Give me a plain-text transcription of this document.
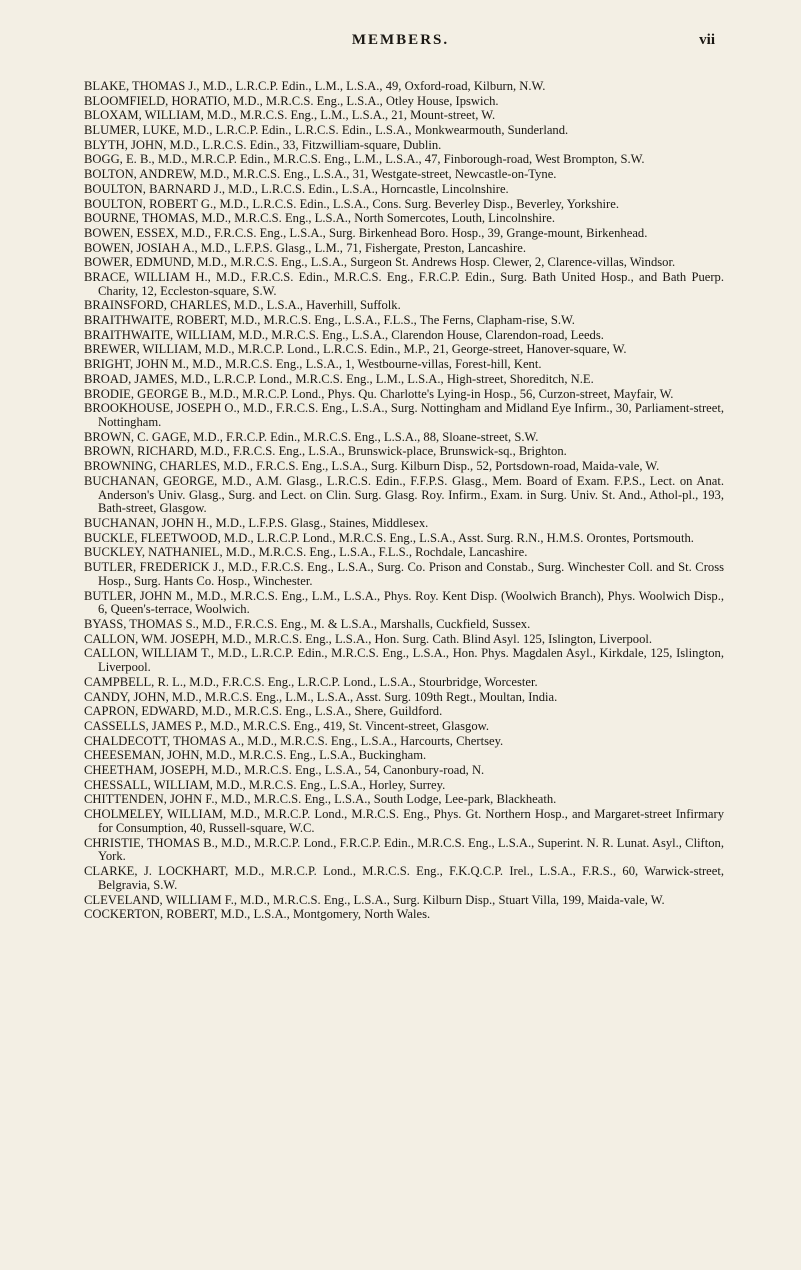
MEMBERS.	vii

BLAKE, THOMAS J., M.D., L.R.C.P. Edin., L.M., L.S.A., 49, Oxford-road, Kilburn, N.W.

BLOOMFIELD, HORATIO, M.D., M.R.C.S. Eng., L.S.A., Otley House, Ipswich.

BLOXAM, WILLIAM, M.D., M.R.C.S. Eng., L.M., L.S.A., 21, Mount-street, W.

BLUMER, LUKE, M.D., L.R.C.P. Edin., L.R.C.S. Edin., L.S.A., Monkwearmouth, Sunderland.

BLYTH, JOHN, M.D., L.R.C.S. Edin., 33, Fitzwilliam-square, Dublin.

BOGG, E. B., M.D., M.R.C.P. Edin., M.R.C.S. Eng., L.M., L.S.A., 47, Finborough-road, West Brompton, S.W.

BOLTON, ANDREW, M.D., M.R.C.S. Eng., L.S.A., 31, Westgate-street, Newcastle-on-Tyne.

BOULTON, BARNARD J., M.D., L.R.C.S. Edin., L.S.A., Horncastle, Lincolnshire.

BOULTON, ROBERT G., M.D., L.R.C.S. Edin., L.S.A., Cons. Surg. Beverley Disp., Beverley, Yorkshire.

BOURNE, THOMAS, M.D., M.R.C.S. Eng., L.S.A., North Somercotes, Louth, Lincolnshire.

BOWEN, ESSEX, M.D., F.R.C.S. Eng., L.S.A., Surg. Birkenhead Boro. Hosp., 39, Grange-mount, Birkenhead.

BOWEN, JOSIAH A., M.D., L.F.P.S. Glasg., L.M., 71, Fishergate, Preston, Lancashire.

BOWER, EDMUND, M.D., M.R.C.S. Eng., L.S.A., Surgeon St. Andrews Hosp. Clewer, 2, Clarence-villas, Windsor.

BRACE, WILLIAM H., M.D., F.R.C.S. Edin., M.R.C.S. Eng., F.R.C.P. Edin., Surg. Bath United Hosp., and Bath Puerp. Charity, 12, Eccleston-square, S.W.

BRAINSFORD, CHARLES, M.D., L.S.A., Haverhill, Suffolk.

BRAITHWAITE, ROBERT, M.D., M.R.C.S. Eng., L.S.A., F.L.S., The Ferns, Clapham-rise, S.W.

BRAITHWAITE, WILLIAM, M.D., M.R.C.S. Eng., L.S.A., Clarendon House, Clarendon-road, Leeds.

BREWER, WILLIAM, M.D., M.R.C.P. Lond., L.R.C.S. Edin., M.P., 21, George-street, Hanover-square, W.

BRIGHT, JOHN M., M.D., M.R.C.S. Eng., L.S.A., 1, Westbourne-villas, Forest-hill, Kent.

BROAD, JAMES, M.D., L.R.C.P. Lond., M.R.C.S. Eng., L.M., L.S.A., High-street, Shoreditch, N.E.

BRODIE, GEORGE B., M.D., M.R.C.P. Lond., Phys. Qu. Charlotte's Lying-in Hosp., 56, Curzon-street, Mayfair, W.

BROOKHOUSE, JOSEPH O., M.D., F.R.C.S. Eng., L.S.A., Surg. Nottingham and Midland Eye Infirm., 30, Parliament-street, Nottingham.

BROWN, C. GAGE, M.D., F.R.C.P. Edin., M.R.C.S. Eng., L.S.A., 88, Sloane-street, S.W.

BROWN, RICHARD, M.D., F.R.C.S. Eng., L.S.A., Brunswick-place, Brunswick-sq., Brighton.

BROWNING, CHARLES, M.D., F.R.C.S. Eng., L.S.A., Surg. Kilburn Disp., 52, Portsdown-road, Maida-vale, W.

BUCHANAN, GEORGE, M.D., A.M. Glasg., L.R.C.S. Edin., F.F.P.S. Glasg., Mem. Board of Exam. F.P.S., Lect. on Anat. Anderson's Univ. Glasg., Surg. and Lect. on Clin. Surg. Glasg. Roy. Infirm., Exam. in Surg. Univ. St. And., Athol-pl., 193, Bath-street, Glasgow.

BUCHANAN, JOHN H., M.D., L.F.P.S. Glasg., Staines, Middlesex.

BUCKLE, FLEETWOOD, M.D., L.R.C.P. Lond., M.R.C.S. Eng., L.S.A., Asst. Surg. R.N., H.M.S. Orontes, Portsmouth.

BUCKLEY, NATHANIEL, M.D., M.R.C.S. Eng., L.S.A., F.L.S., Rochdale, Lancashire.

BUTLER, FREDERICK J., M.D., F.R.C.S. Eng., L.S.A., Surg. Co. Prison and Constab., Surg. Winchester Coll. and St. Cross Hosp., Surg. Hants Co. Hosp., Winchester.

BUTLER, JOHN M., M.D., M.R.C.S. Eng., L.M., L.S.A., Phys. Roy. Kent Disp. (Woolwich Branch), Phys. Woolwich Disp., 6, Queen's-terrace, Woolwich.

BYASS, THOMAS S., M.D., F.R.C.S. Eng., M. & L.S.A., Marshalls, Cuckfield, Sussex.

CALLON, WM. JOSEPH, M.D., M.R.C.S. Eng., L.S.A., Hon. Surg. Cath. Blind Asyl. 125, Islington, Liverpool.

CALLON, WILLIAM T., M.D., L.R.C.P. Edin., M.R.C.S. Eng., L.S.A., Hon. Phys. Magdalen Asyl., Kirkdale, 125, Islington, Liverpool.

CAMPBELL, R. L., M.D., F.R.C.S. Eng., L.R.C.P. Lond., L.S.A., Stourbridge, Worcester.

CANDY, JOHN, M.D., M.R.C.S. Eng., L.M., L.S.A., Asst. Surg. 109th Regt., Moultan, India.

CAPRON, EDWARD, M.D., M.R.C.S. Eng., L.S.A., Shere, Guildford.

CASSELLS, JAMES P., M.D., M.R.C.S. Eng., 419, St. Vincent-street, Glasgow.

CHALDECOTT, THOMAS A., M.D., M.R.C.S. Eng., L.S.A., Harcourts, Chertsey.

CHEESEMAN, JOHN, M.D., M.R.C.S. Eng., L.S.A., Buckingham.

CHEETHAM, JOSEPH, M.D., M.R.C.S. Eng., L.S.A., 54, Canonbury-road, N.

CHESSALL, WILLIAM, M.D., M.R.C.S. Eng., L.S.A., Horley, Surrey.

CHITTENDEN, JOHN F., M.D., M.R.C.S. Eng., L.S.A., South Lodge, Lee-park, Blackheath.

CHOLMELEY, WILLIAM, M.D., M.R.C.P. Lond., M.R.C.S. Eng., Phys. Gt. Northern Hosp., and Margaret-street Infirmary for Consumption, 40, Russell-square, W.C.

CHRISTIE, THOMAS B., M.D., M.R.C.P. Lond., F.R.C.P. Edin., M.R.C.S. Eng., L.S.A., Superint. N. R. Lunat. Asyl., Clifton, York.

CLARKE, J. LOCKHART, M.D., M.R.C.P. Lond., M.R.C.S. Eng., F.K.Q.C.P. Irel., L.S.A., F.R.S., 60, Warwick-street, Belgravia, S.W.

CLEVELAND, WILLIAM F., M.D., M.R.C.S. Eng., L.S.A., Surg. Kilburn Disp., Stuart Villa, 199, Maida-vale, W.

COCKERTON, ROBERT, M.D., L.S.A., Montgomery, North Wales.
